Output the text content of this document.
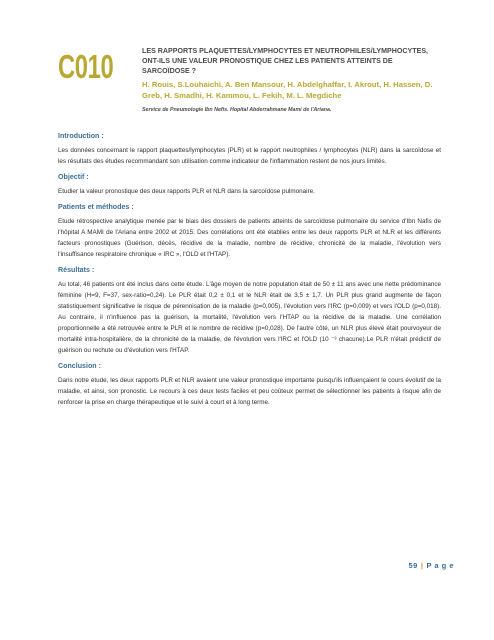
C010	LES RAPPORTS PLAQUETTES/LYMPHOCYTES ET NEUTROPHILES/LYMPHOCYTES, ONT-ILS UNE VALEUR PRONOSTIQUE CHEZ LES PATIENTS ATTEINTS DE SARCOÏDOSE ?

H. Rouis, S.Louhaichi, A. Ben Mansour, H. Abdelghaffar, I. Akrout, H. Hassen, D. Greb, H. Smadhi, H. Kammou, L. Fekih, M. L. Megdiche

Service de Pneumologie Ibn Nefis. Hopital Abderrahmane Mami de l'Ariana.

Introduction :

Les données concernant le rapport plaquettes/lymphocytes (PLR) et le rapport neutrophiles / lymphocytes (NLR) dans la sarcoïdose et les résultats des études recommandant son utilisation comme indicateur de l'inflammation restent de nos jours limités.

Objectif :

Etudier la valeur pronostique des deux rapports PLR et NLR dans la sarcoïdose pulmonaire.

Patients et méthodes :

Etude rétrospective analytique menée par le biais des dossiers de patients atteints de sarcoïdose pulmonaire du service d'Ibn Nafis de l'hôpital A MAMI de l'Ariana entre 2002 et 2015. Des corrélations ont été établies entre les deux rapports PLR et NLR et les différents facteurs pronostiques (Guérison, décès, récidive de la maladie, nombre de récidive, chronicité de la maladie, l'évolution vers l'insuffisance respiratoire chronique « IRC », l'OLD et l'HTAP).

Résultats :

Au total, 46 patients ont été inclus dans cette étude. L'âge moyen de notre population était de 50 ± 11 ans avec une nette prédominance féminine (H=9, F=37, sex-ratio=0,24). Le PLR était 0,2 ± 0,1 et le NLR était de 3,5 ± 1,7. Un PLR plus grand augmente de façon statistiquement significative le risque de pérennisation de la maladie (p=0,005), l'évolution vers l'IRC (p=0,009) et vers l'OLD (p=0,018). Au contraire, il n'influence pas la guérison, la mortalité, l'évolution vers l'HTAP ou la récidive de la maladie. Une corrélation proportionnelle a été retrouvée entre le PLR et le nombre de récidive (p=0,028). De l'autre côté, un NLR plus élevé était pourvoyeur de mortalité intra-hospitalière, de la chronicité de la maladie, de l'évolution vers l'IRC et l'OLD (10 ⁻³ chacune).Le PLR n'était prédictif de guérison ou rechute ou d'évolution vers l'HTAP.

Conclusion :

Dans notre étude, les deux rapports PLR et NLR avaient une valeur pronostique importante puisqu'ils influençaient le cours évolutif de la maladie, et ainsi, son pronostic. Le recours à ces deux tests faciles et peu coûteux permet de sélectionner les patients à risque afin de renforcer la prise en charge thérapeutique et le suivi à court et à long terme.

59 | P a g e
